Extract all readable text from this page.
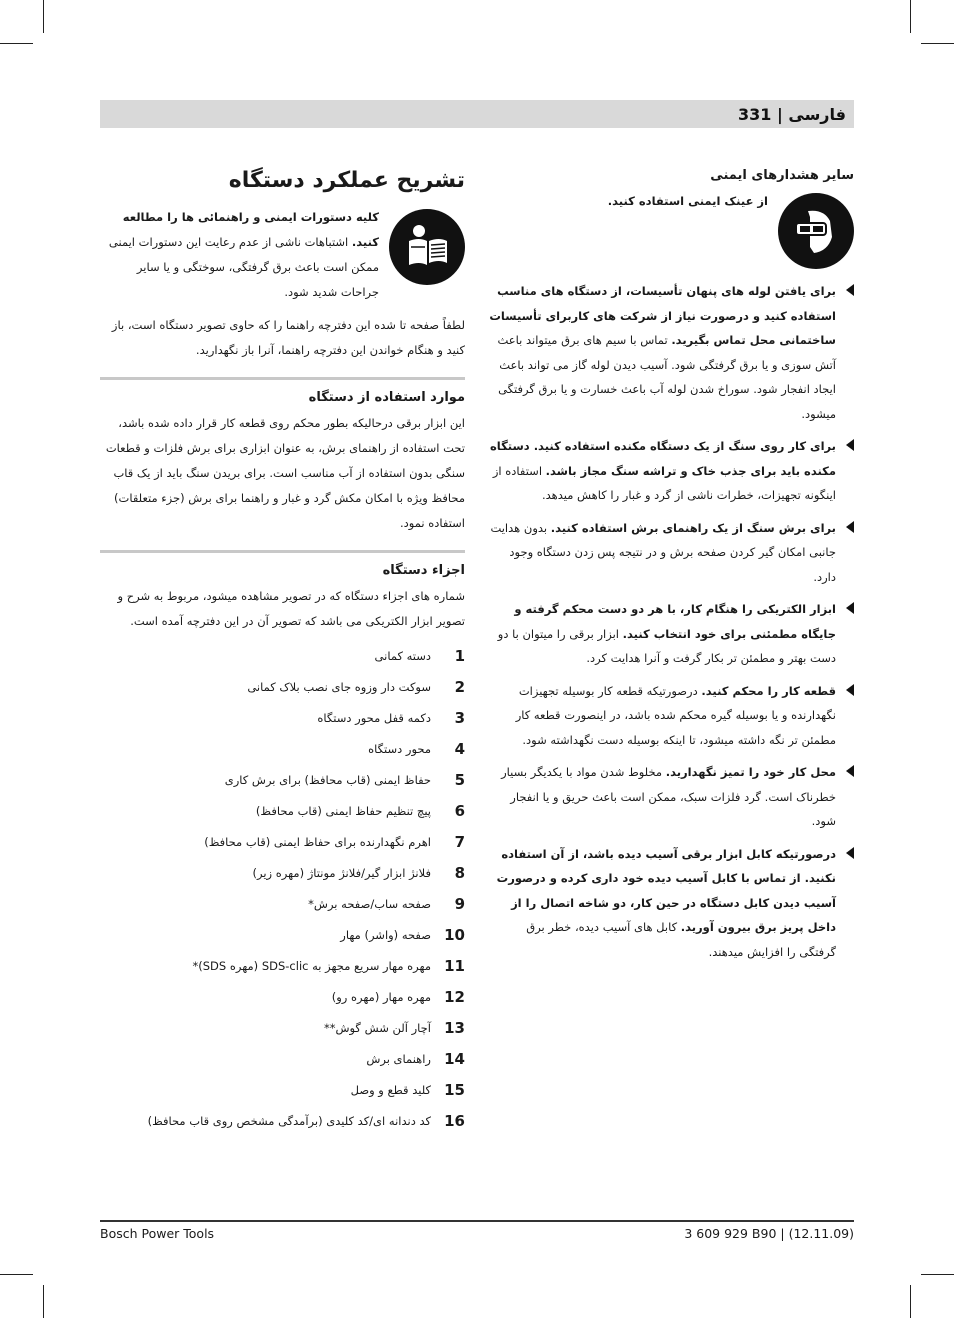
فارسی | 331
تشریح عملکرد دستگاه
کلیه دستورات ایمنی و راهنمائی ها را مطالعه کنید. اشتباهات ناشی از عدم رعایت این دستورات ایمنی ممکن است باعث برق گرفتگی، سوختگی و یا سایر جراحات شدید شود.
لطفاً صفحه تا شده این دفترچه راهنما را که حاوی تصویر دستگاه است، باز کنید و هنگام خواندن این دفترچه راهنما، آنرا باز نگهدارید.
موارد استفاده از دستگاه
این ابزار برقی درحالیکه بطور محکم روی قطعه کار قرار داده شده باشد، تحت استفاده از راهنمای برش، به عنوان ابزاری برای برش فلزات و قطعات سنگی بدون استفاده از آب مناسب است. برای بریدن سنگ باید از یک قاب محافظ ویژه با امکان مکش گرد و غبار و راهنما برای برش (جزء متعلقات) استفاده نمود.
اجزاء دستگاه
شماره های اجزاء دستگاه که در تصویر مشاهده میشود، مربوط به شرح و تصویر ابزار الکتریکی می باشد که تصویر آن در این دفترچه آمده است.
1
دسته کمانی
2
سوکت دار وزوه جای نصب بلاک کمانی
3
دکمه قفل محور دستگاه
4
محور دستگاه
5
حفاظ ایمنی (قاب محافظ) برای برش کاری
6
پیچ تنظیم حفاظ ایمنی (قاب محافظ)
7
اهرم نگهدارنده برای حفاظ ایمنی (قاب محافظ)
8
فلانژ ابزار گیر/فلانژ مونتاژ (مهره زیر)
9
صفحه ساب/صفحه برش*
10
صفحه (واشر) مهار
11
مهره مهار سریع مجهز به SDS-clic (مهره SDS)*
12
مهره مهار (مهره رو)
13
آچار آلن شش گوش**
14
راهنمای برش
15
کلید قطع و وصل
16
کد دندانه ای/کد کلیدی (برآمدگی مشخص روی قاب محافظ)
سایر هشدارهای ایمنی
از عینک ایمنی استفاده کنید.
برای یافتن لوله های پنهان تأسیسات، از دستگاه های مناسب استفاده کنید و درصورت نیاز از شرکت های کاربرای تأسیسات ساختمانی محل تماس بگیرید. تماس با سیم های برق میتواند باعث آتش سوزی و یا برق گرفتگی شود. آسیب دیدن لوله گاز می تواند باعث ایجاد انفجار شود. سوراخ شدن لوله آب باعث خسارت و یا برق گرفتگی میشود.
برای کار روی سنگ از یک دستگاه مکنده استفاده کنید. دستگاه مکنده باید برای جذب خاک و تراشه سنگ مجاز باشد. استفاده از اینگونه تجهیزات، خطرات ناشی از گرد و غبار را کاهش میدهد.
برای برش سنگ از یک راهنمای برش استفاده کنید. بدون هدایت جانبی امکان گیر کردن صفحه برش و در نتیجه پس زدن دستگاه وجود دارد.
ابزار الکتریکی را هنگام کار، با هر دو دست محکم گرفته و جایگاه مطمئنی برای خود انتخاب کنید. ابزار برقی را میتوان با دو دست بهتر و مطمئن تر بکار گرفت و آنرا هدایت کرد.
قطعه کار را محکم کنید. درصورتیکه قطعه کار بوسیله تجهیزات نگهدارنده و یا بوسیله گیره محکم شده باشد، در اینصورت قطعه کار مطمئن تر نگه داشته میشود، تا اینکه بوسیله دست نگهداشته شود.
محل کار خود را تمیز نگهدارید. مخلوط شدن مواد با یکدیگر بسیار خطرناک است. گرد فلزات سبک، ممکن است باعث حریق و یا انفجار شود.
درصورتیکه کابل ابزار برقی آسیب دیده باشد، از آن استفاده نکنید. از تماس با کابل آسیب دیده خود داری کرده و درصورت آسیب دیدن کابل دستگاه در حین کار، دو شاخه اتصال را از داخل پریز برق بیرون آورید. کابل های آسیب دیده، خطر برق گرفتگی را افزایش میدهند.
Bosch Power Tools	3 609 929 B90 | (12.11.09)
